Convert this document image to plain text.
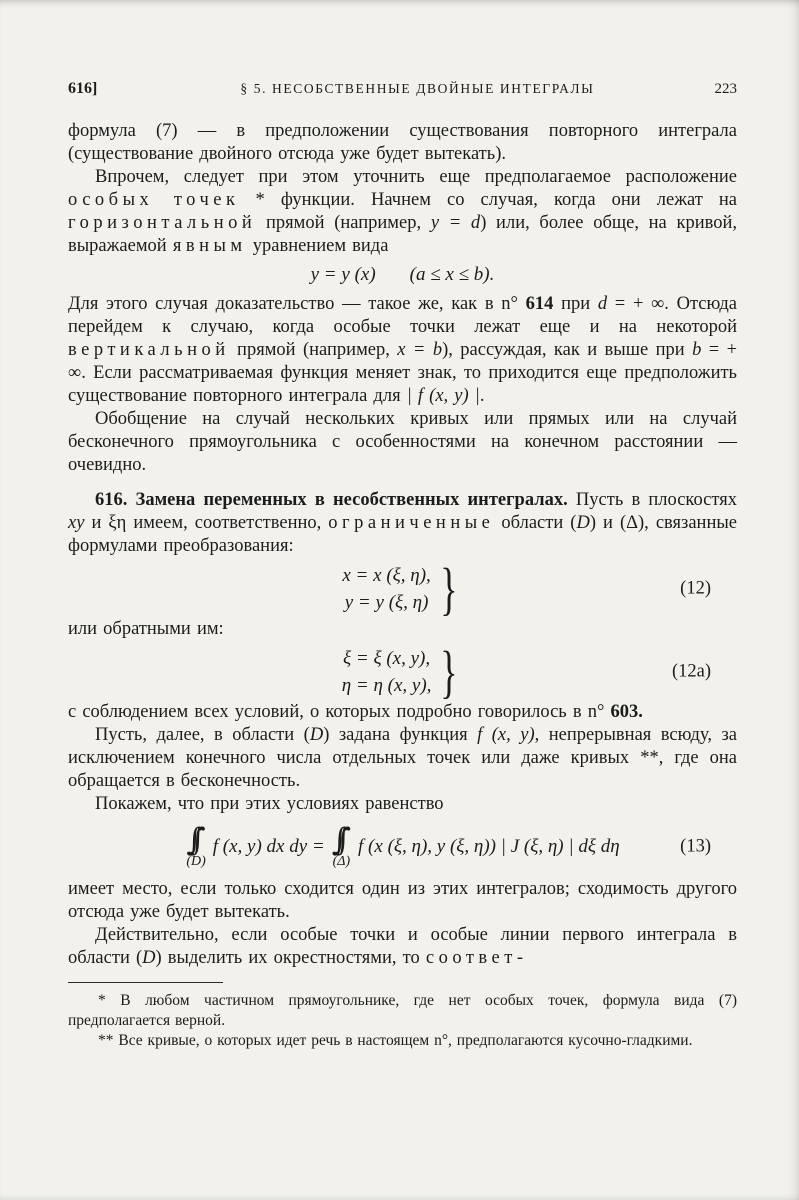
616]	§ 5. НЕСОБСТВЕННЫЕ ДВОЙНЫЕ ИНТЕГРАЛЫ	223

формула (7) — в предположении существования повторного интеграла (существование двойного отсюда уже будет вытекать).

Впрочем, следует при этом уточнить еще предполагаемое расположение особых точек * функции. Начнем со случая, когда они лежат на горизонтальной прямой (например, y = d) или, более обще, на кривой, выражаемой явным уравнением вида

y = y (x) (a ≤ x ≤ b).

Для этого случая доказательство — такое же, как в n° 614 при d = + ∞. Отсюда перейдем к случаю, когда особые точки лежат еще и на некоторой вертикальной прямой (например, x = b), рассуждая, как и выше при b = + ∞. Если рассматриваемая функция меняет знак, то приходится еще предположить существование повторного интеграла для | f (x, y) |.

Обобщение на случай нескольких кривых или прямых или на случай бесконечного прямоугольника с особенностями на конечном расстоянии — очевидно.

616. Замена переменных в несобственных интегралах. Пусть в плоскостях xy и ξη имеем, соответственно, ограниченные области (D) и (Δ), связанные формулами преобразования:

x = x (ξ, η),
y = y (ξ, η) }	(12)

или обратными им:

ξ = ξ (x, y),
η = η (x, y), }	(12a)

с соблюдением всех условий, о которых подробно говорилось в n° 603.

Пусть, далее, в области (D) задана функция f (x, y), непрерывная всюду, за исключением конечного числа отдельных точек или даже кривых **, где она обращается в бесконечность.

Покажем, что при этих условиях равенство

∫∫
(D)
f (x, y) dx dy = ∫∫
(Δ)
f (x (ξ, η), y (ξ, η)) | J (ξ, η) | dξ dη	(13)

имеет место, если только сходится один из этих интегралов; сходимость другого отсюда уже будет вытекать.

Действительно, если особые точки и особые линии первого интеграла в области (D) выделить их окрестностями, то соответ-

* В любом частичном прямоугольнике, где нет особых точек, формула вида (7) предполагается верной.

** Все кривые, о которых идет речь в настоящем n°, предполагаются кусочно-гладкими.
